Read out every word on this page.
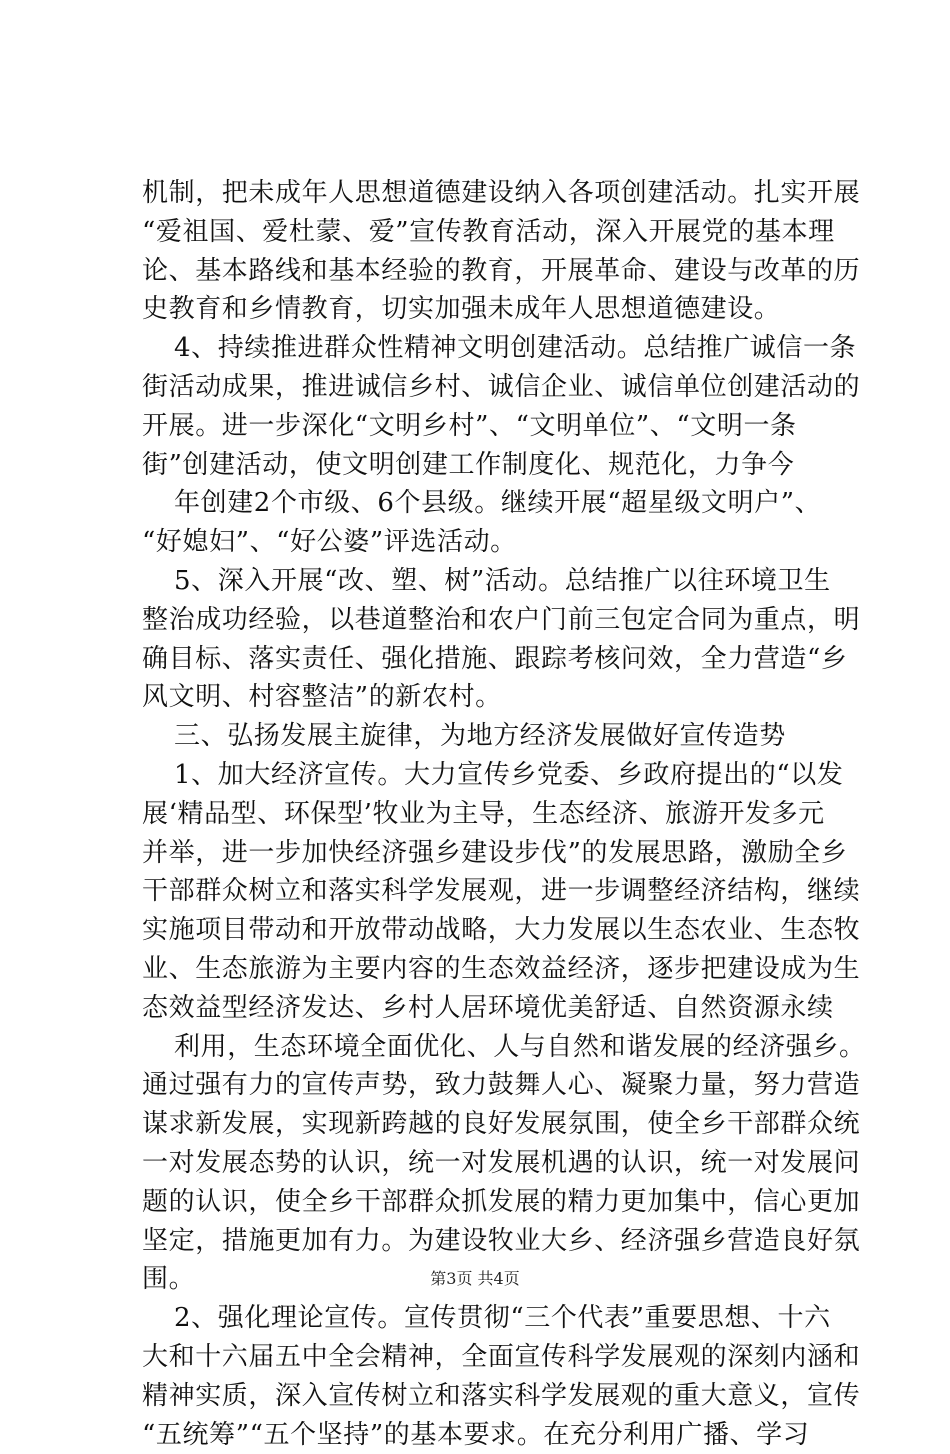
机制，把未成年人思想道德建设纳入各项创建活动。扎实开展
“爱祖国、爱杜蒙、爱”宣传教育活动，深入开展党的基本理
论、基本路线和基本经验的教育，开展革命、建设与改革的历
史教育和乡情教育，切实加强未成年人思想道德建设。
4、持续推进群众性精神文明创建活动。总结推广诚信一条
街活动成果，推进诚信乡村、诚信企业、诚信单位创建活动的
开展。进一步深化“文明乡村”、“文明单位”、“文明一条
街”创建活动，使文明创建工作制度化、规范化，力争今
年创建2个市级、6个县级。继续开展“超星级文明户”、
“好媳妇”、“好公婆”评选活动。
5、深入开展“改、塑、树”活动。总结推广以往环境卫生
整治成功经验，以巷道整治和农户门前三包定合同为重点，明
确目标、落实责任、强化措施、跟踪考核问效，全力营造“乡
风文明、村容整洁”的新农村。
三、弘扬发展主旋律，为地方经济发展做好宣传造势
1、加大经济宣传。大力宣传乡党委、乡政府提出的“以发
展‘精品型、环保型’牧业为主导，生态经济、旅游开发多元
并举，进一步加快经济强乡建设步伐”的发展思路，激励全乡
干部群众树立和落实科学发展观，进一步调整经济结构，继续
实施项目带动和开放带动战略，大力发展以生态农业、生态牧
业、生态旅游为主要内容的生态效益经济，逐步把建设成为生
态效益型经济发达、乡村人居环境优美舒适、自然资源永续
利用，生态环境全面优化、人与自然和谐发展的经济强乡。
通过强有力的宣传声势，致力鼓舞人心、凝聚力量，努力营造
谋求新发展，实现新跨越的良好发展氛围，使全乡干部群众统
一对发展态势的认识，统一对发展机遇的认识，统一对发展问
题的认识，使全乡干部群众抓发展的精力更加集中，信心更加
坚定，措施更加有力。为建设牧业大乡、经济强乡营造良好氛
围。
2、强化理论宣传。宣传贯彻“三个代表”重要思想、十六
大和十六届五中全会精神，全面宣传科学发展观的深刻内涵和
精神实质，深入宣传树立和落实科学发展观的重大意义，宣传
“五统筹”“五个坚持”的基本要求。在充分利用广播、学习
第3页 共4页
